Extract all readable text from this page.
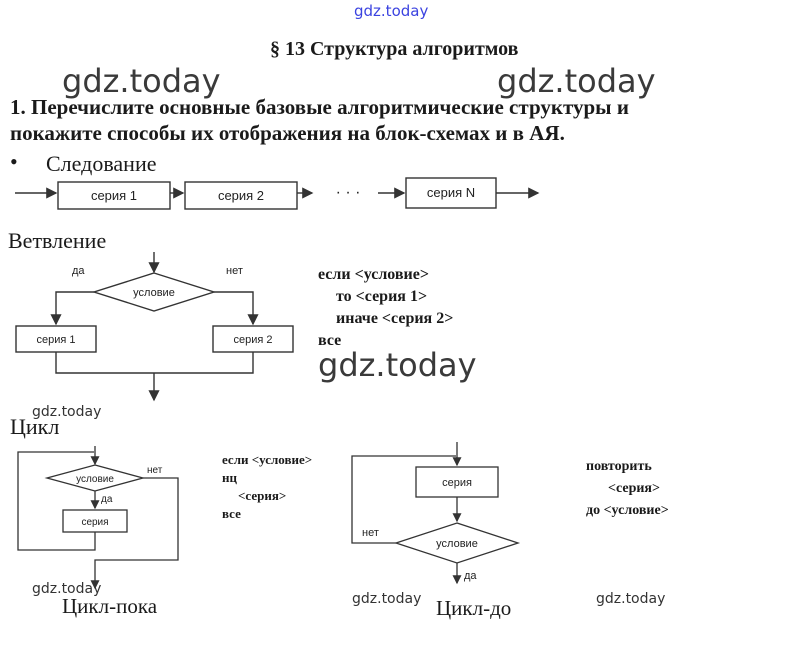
gdz.today
gdz.today	gdz.today
gdz.today
gdz.today
gdz.today
gdz.today	gdz.today
§ 13 Структура алгоритмов
1. Перечислите основные базовые алгоритмические структуры и
покажите способы их отображения на блок-схемах и в АЯ.
• Следование
Ветвление
Цикл
серия 1	серия 2	· · ·	серия N
условие
да	нет
серия 1	серия 2
если <условие>
то <серия 1>
иначе <серия 2>
все
условие
нет
да
серия
если <условие>
нц
<серия>
все
серия
условие
нет
да
повторить
<серия>
до <условие>
Цикл-пока	Цикл-до
